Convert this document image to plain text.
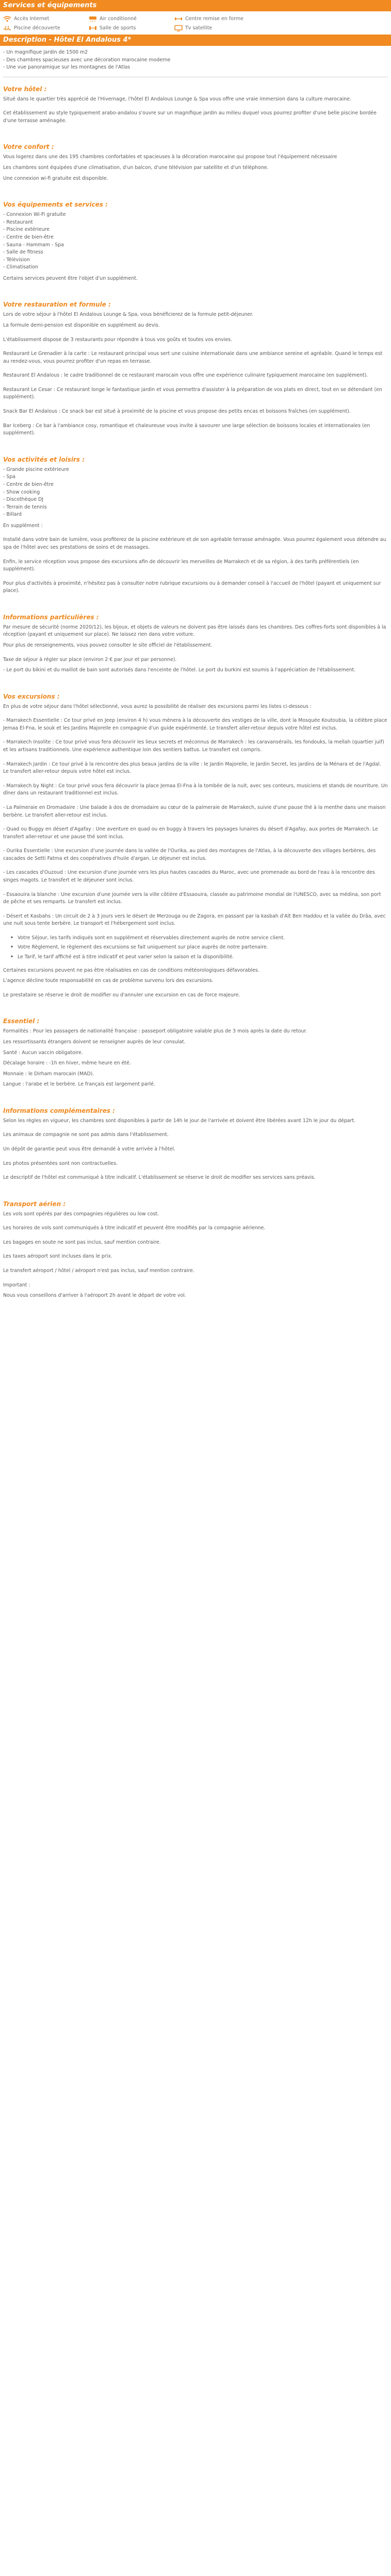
Services et équipements
Accès Internet	Air conditionné	Centre remise en forme
Piscine découverte	Salle de sports	Tv satellite
Description - Hôtel El Andalous 4*

- Un magnifique jardin de 1500 m2

- Des chambres spacieuses avec une décoration marocaine moderne

- Une vue panoramique sur les montagnes de l'Atlas

Votre hôtel :

Situé dans le quartier très apprécié de l'Hivernage, l'hôtel El Andalous Lounge & Spa vous offre une vraie immersion dans la culture marocaine.

Cet établissement au style typiquement arabo-andalou s'ouvre sur un magnifique jardin au milieu duquel vous pourrez profiter d'une belle piscine bordée d'une terrasse aménagée.

Votre confort :

Vous logerez dans une des 195 chambres confortables et spacieuses à la décoration marocaine qui propose tout l'équipement nécessaire

Les chambres sont équipées d'une climatisation, d'un balcon, d'une télévision par satellite et d'un téléphone.

Une connexion wi-fi gratuite est disponible.

Vos équipements et services :

- Connexion Wi-Fi gratuite

- Restaurant

- Piscine extérieure

- Centre de bien-être

- Sauna - Hammam - Spa

- Salle de fitness

- Télévision

- Climatisation

Certains services peuvent être l'objet d'un supplément.

Votre restauration et formule :

Lors de votre séjour à l'hôtel El Andalous Lounge & Spa, vous bénéficierez de la formule petit-déjeuner.

La formule demi-pension est disponible en supplément au devis.

L'établissement dispose de 3 restaurants pour répondre à tous vos goûts et toutes vos envies.

Restaurant Le Grenadier à la carte : Le restaurant principal vous sert une cuisine internationale dans une ambiance sereine et agréable. Quand le temps est au rendez-vous, vous pourrez profiter d'un repas en terrasse.

Restaurant El Andalous : le cadre traditionnel de ce restaurant marocain vous offre une expérience culinaire typiquement marocaine (en supplément).

Restaurant Le Cesar : Ce restaurant longe le fantastique jardin et vous permettra d'assister à la préparation de vos plats en direct, tout en se détendant (en supplément).

Snack Bar El Andalous : Ce snack bar est situé à proximité de la piscine et vous propose des petits encas et boissons fraîches (en supplément).

Bar Iceberg : Ce bar à l'ambiance cosy, romantique et chaleureuse vous invite à savourer une large sélection de boissons locales et internationales (en supplément).

Vos activités et loisirs :

- Grande piscine extérieure

- Spa

- Centre de bien-être

- Show cooking

- Discothèque DJ

- Terrain de tennis

- Billard

En supplément :

Installé dans votre bain de lumière, vous profiterez de la piscine extérieure et de son agréable terrasse aménagée. Vous pourrez également vous détendre au spa de l'hôtel avec ses prestations de soins et de massages.

Enfin, le service réception vous propose des excursions afin de découvrir les merveilles de Marrakech et de sa région, à des tarifs préférentiels (en supplément).

Pour plus d'activités à proximité, n'hésitez pas à consulter notre rubrique excursions ou à demander conseil à l'accueil de l'hôtel (payant et uniquement sur place).

Informations particulières :

Par mesure de sécurité (norme 2020/12), les bijoux, et objets de valeurs ne doivent pas être laissés dans les chambres. Des coffres-forts sont disponibles à la réception (payant et uniquement sur place). Ne laissez rien dans votre voiture.

Pour plus de renseignements, vous pouvez consulter le site officiel de l'établissement.

Taxe de séjour à régler sur place (environ 2 € par jour et par personne).

- Le port du bikini et du maillot de bain sont autorisés dans l'enceinte de l'hôtel. Le port du burkini est soumis à l'appréciation de l'établissement.

Vos excursions :

En plus de votre séjour dans l'hôtel sélectionné, vous aurez la possibilité de réaliser des excursions parmi les listes ci-dessous :

- Marrakech Essentielle : Ce tour privé en Jeep (environ 4 h) vous mènera à la découverte des vestiges de la ville, dont la Mosquée Koutoubia, la célèbre place Jemaa El-Fna, le souk et les Jardins Majorelle en compagnie d'un guide expérimenté. Le transfert aller-retour depuis votre hôtel est inclus.

- Marrakech Insolite : Ce tour privé vous fera découvrir les lieux secrets et méconnus de Marrakech : les caravansérails, les fondouks, la mellah (quartier juif) et les artisans traditionnels. Une expérience authentique loin des sentiers battus. Le transfert est compris.

- Marrakech Jardin : Ce tour privé à la rencontre des plus beaux jardins de la ville : le Jardin Majorelle, le Jardin Secret, les jardins de la Ménara et de l'Agdal. Le transfert aller-retour depuis votre hôtel est inclus.

- Marrakech by Night : Ce tour privé vous fera découvrir la place Jemaa El-Fna à la tombée de la nuit, avec ses conteurs, musiciens et stands de nourriture. Un dîner dans un restaurant traditionnel est inclus.

- La Palmeraie en Dromadaire : Une balade à dos de dromadaire au cœur de la palmeraie de Marrakech, suivie d'une pause thé à la menthe dans une maison berbère. Le transfert aller-retour est inclus.

- Quad ou Buggy en désert d'Agafay : Une aventure en quad ou en buggy à travers les paysages lunaires du désert d'Agafay, aux portes de Marrakech. Le transfert aller-retour et une pause thé sont inclus.

- Ourika Essentielle : Une excursion d'une journée dans la vallée de l'Ourika, au pied des montagnes de l'Atlas, à la découverte des villages berbères, des cascades de Setti Fatma et des coopératives d'huile d'argan. Le déjeuner est inclus.

- Les cascades d'Ouzoud : Une excursion d'une journée vers les plus hautes cascades du Maroc, avec une promenade au bord de l'eau à la rencontre des singes magots. Le transfert et le déjeuner sont inclus.

- Essaouira la blanche : Une excursion d'une journée vers la ville côtière d'Essaouira, classée au patrimoine mondial de l'UNESCO, avec sa médina, son port de pêche et ses remparts. Le transfert est inclus.

- Désert et Kasbahs : Un circuit de 2 à 3 jours vers le désert de Merzouga ou de Zagora, en passant par la kasbah d'Aït Ben Haddou et la vallée du Drâa, avec une nuit sous tente berbère. Le transport et l'hébergement sont inclus.

• Votre Séjour, les tarifs indiqués sont en supplément et réservables directement auprès de notre service client.
• Votre Règlement, le règlement des excursions se fait uniquement sur place auprès de notre partenaire.
• Le Tarif, le tarif affiché est à titre indicatif et peut varier selon la saison et la disponibilité.

Certaines excursions peuvent ne pas être réalisables en cas de conditions météorologiques défavorables.

L'agence décline toute responsabilité en cas de problème survenu lors des excursions.

Le prestataire se réserve le droit de modifier ou d'annuler une excursion en cas de force majeure.

Essentiel :

Formalités : Pour les passagers de nationalité française : passeport obligatoire valable plus de 3 mois après la date du retour.

Les ressortissants étrangers doivent se renseigner auprès de leur consulat.

Santé : Aucun vaccin obligatoire.

Décalage horaire : -1h en hiver, même heure en été.

Monnaie : le Dirham marocain (MAD).

Langue : l'arabe et le berbère. Le français est largement parlé.

Informations complémentaires :

Selon les règles en vigueur, les chambres sont disponibles à partir de 14h le jour de l'arrivée et doivent être libérées avant 12h le jour du départ.

Les animaux de compagnie ne sont pas admis dans l'établissement.

Un dépôt de garantie peut vous être demandé à votre arrivée à l'hôtel.

Les photos présentées sont non contractuelles.

Le descriptif de l'hôtel est communiqué à titre indicatif. L'établissement se réserve le droit de modifier ses services sans préavis.

Transport aérien :

Les vols sont opérés par des compagnies régulières ou low cost.

Les horaires de vols sont communiqués à titre indicatif et peuvent être modifiés par la compagnie aérienne.

Les bagages en soute ne sont pas inclus, sauf mention contraire.

Les taxes aéroport sont incluses dans le prix.

Le transfert aéroport / hôtel / aéroport n'est pas inclus, sauf mention contraire.

Important :

Nous vous conseillons d'arriver à l'aéroport 2h avant le départ de votre vol.
